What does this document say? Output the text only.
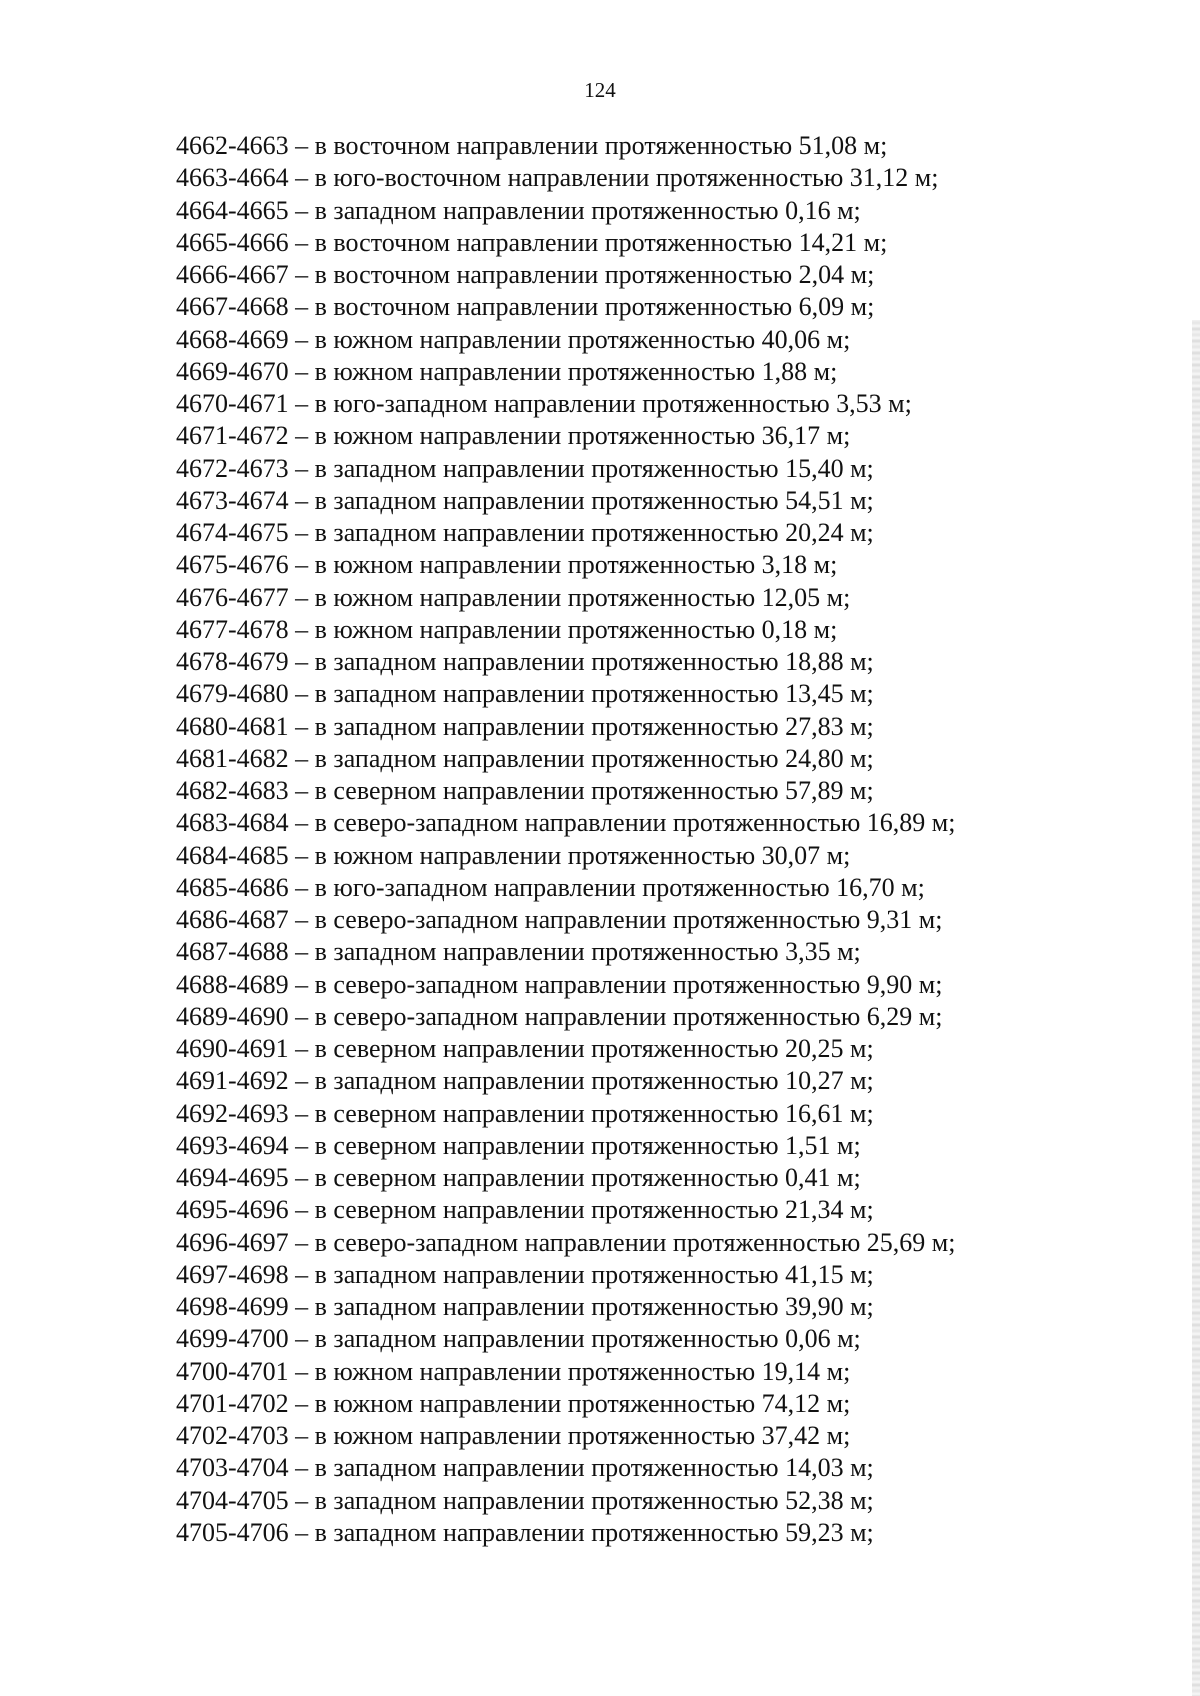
124
4662-4663 – в восточном направлении протяженностью 51,08 м;
4663-4664 – в юго-восточном направлении протяженностью 31,12 м;
4664-4665 – в западном направлении протяженностью 0,16 м;
4665-4666 – в восточном направлении протяженностью 14,21 м;
4666-4667 – в восточном направлении протяженностью 2,04 м;
4667-4668 – в восточном направлении протяженностью 6,09 м;
4668-4669 – в южном направлении протяженностью 40,06 м;
4669-4670 – в южном направлении протяженностью 1,88 м;
4670-4671 – в юго-западном направлении протяженностью 3,53 м;
4671-4672 – в южном направлении протяженностью 36,17 м;
4672-4673 – в западном направлении протяженностью 15,40 м;
4673-4674 – в западном направлении протяженностью 54,51 м;
4674-4675 – в западном направлении протяженностью 20,24 м;
4675-4676 – в южном направлении протяженностью 3,18 м;
4676-4677 – в южном направлении протяженностью 12,05 м;
4677-4678 – в южном направлении протяженностью 0,18 м;
4678-4679 – в западном направлении протяженностью 18,88 м;
4679-4680 – в западном направлении протяженностью 13,45 м;
4680-4681 – в западном направлении протяженностью 27,83 м;
4681-4682 – в западном направлении протяженностью 24,80 м;
4682-4683 – в северном направлении протяженностью 57,89 м;
4683-4684 – в северо-западном направлении протяженностью 16,89 м;
4684-4685 – в южном направлении протяженностью 30,07 м;
4685-4686 – в юго-западном направлении протяженностью 16,70 м;
4686-4687 – в северо-западном направлении протяженностью 9,31 м;
4687-4688 – в западном направлении протяженностью 3,35 м;
4688-4689 – в северо-западном направлении протяженностью 9,90 м;
4689-4690 – в северо-западном направлении протяженностью 6,29 м;
4690-4691 – в северном направлении протяженностью 20,25 м;
4691-4692 – в западном направлении протяженностью 10,27 м;
4692-4693 – в северном направлении протяженностью 16,61 м;
4693-4694 – в северном направлении протяженностью 1,51 м;
4694-4695 – в северном направлении протяженностью 0,41 м;
4695-4696 – в северном направлении протяженностью 21,34 м;
4696-4697 – в северо-западном направлении протяженностью 25,69 м;
4697-4698 – в западном направлении протяженностью 41,15 м;
4698-4699 – в западном направлении протяженностью 39,90 м;
4699-4700 – в западном направлении протяженностью 0,06 м;
4700-4701 – в южном направлении протяженностью 19,14 м;
4701-4702 – в южном направлении протяженностью 74,12 м;
4702-4703 – в южном направлении протяженностью 37,42 м;
4703-4704 – в западном направлении протяженностью 14,03 м;
4704-4705 – в западном направлении протяженностью 52,38 м;
4705-4706 – в западном направлении протяженностью 59,23 м;
